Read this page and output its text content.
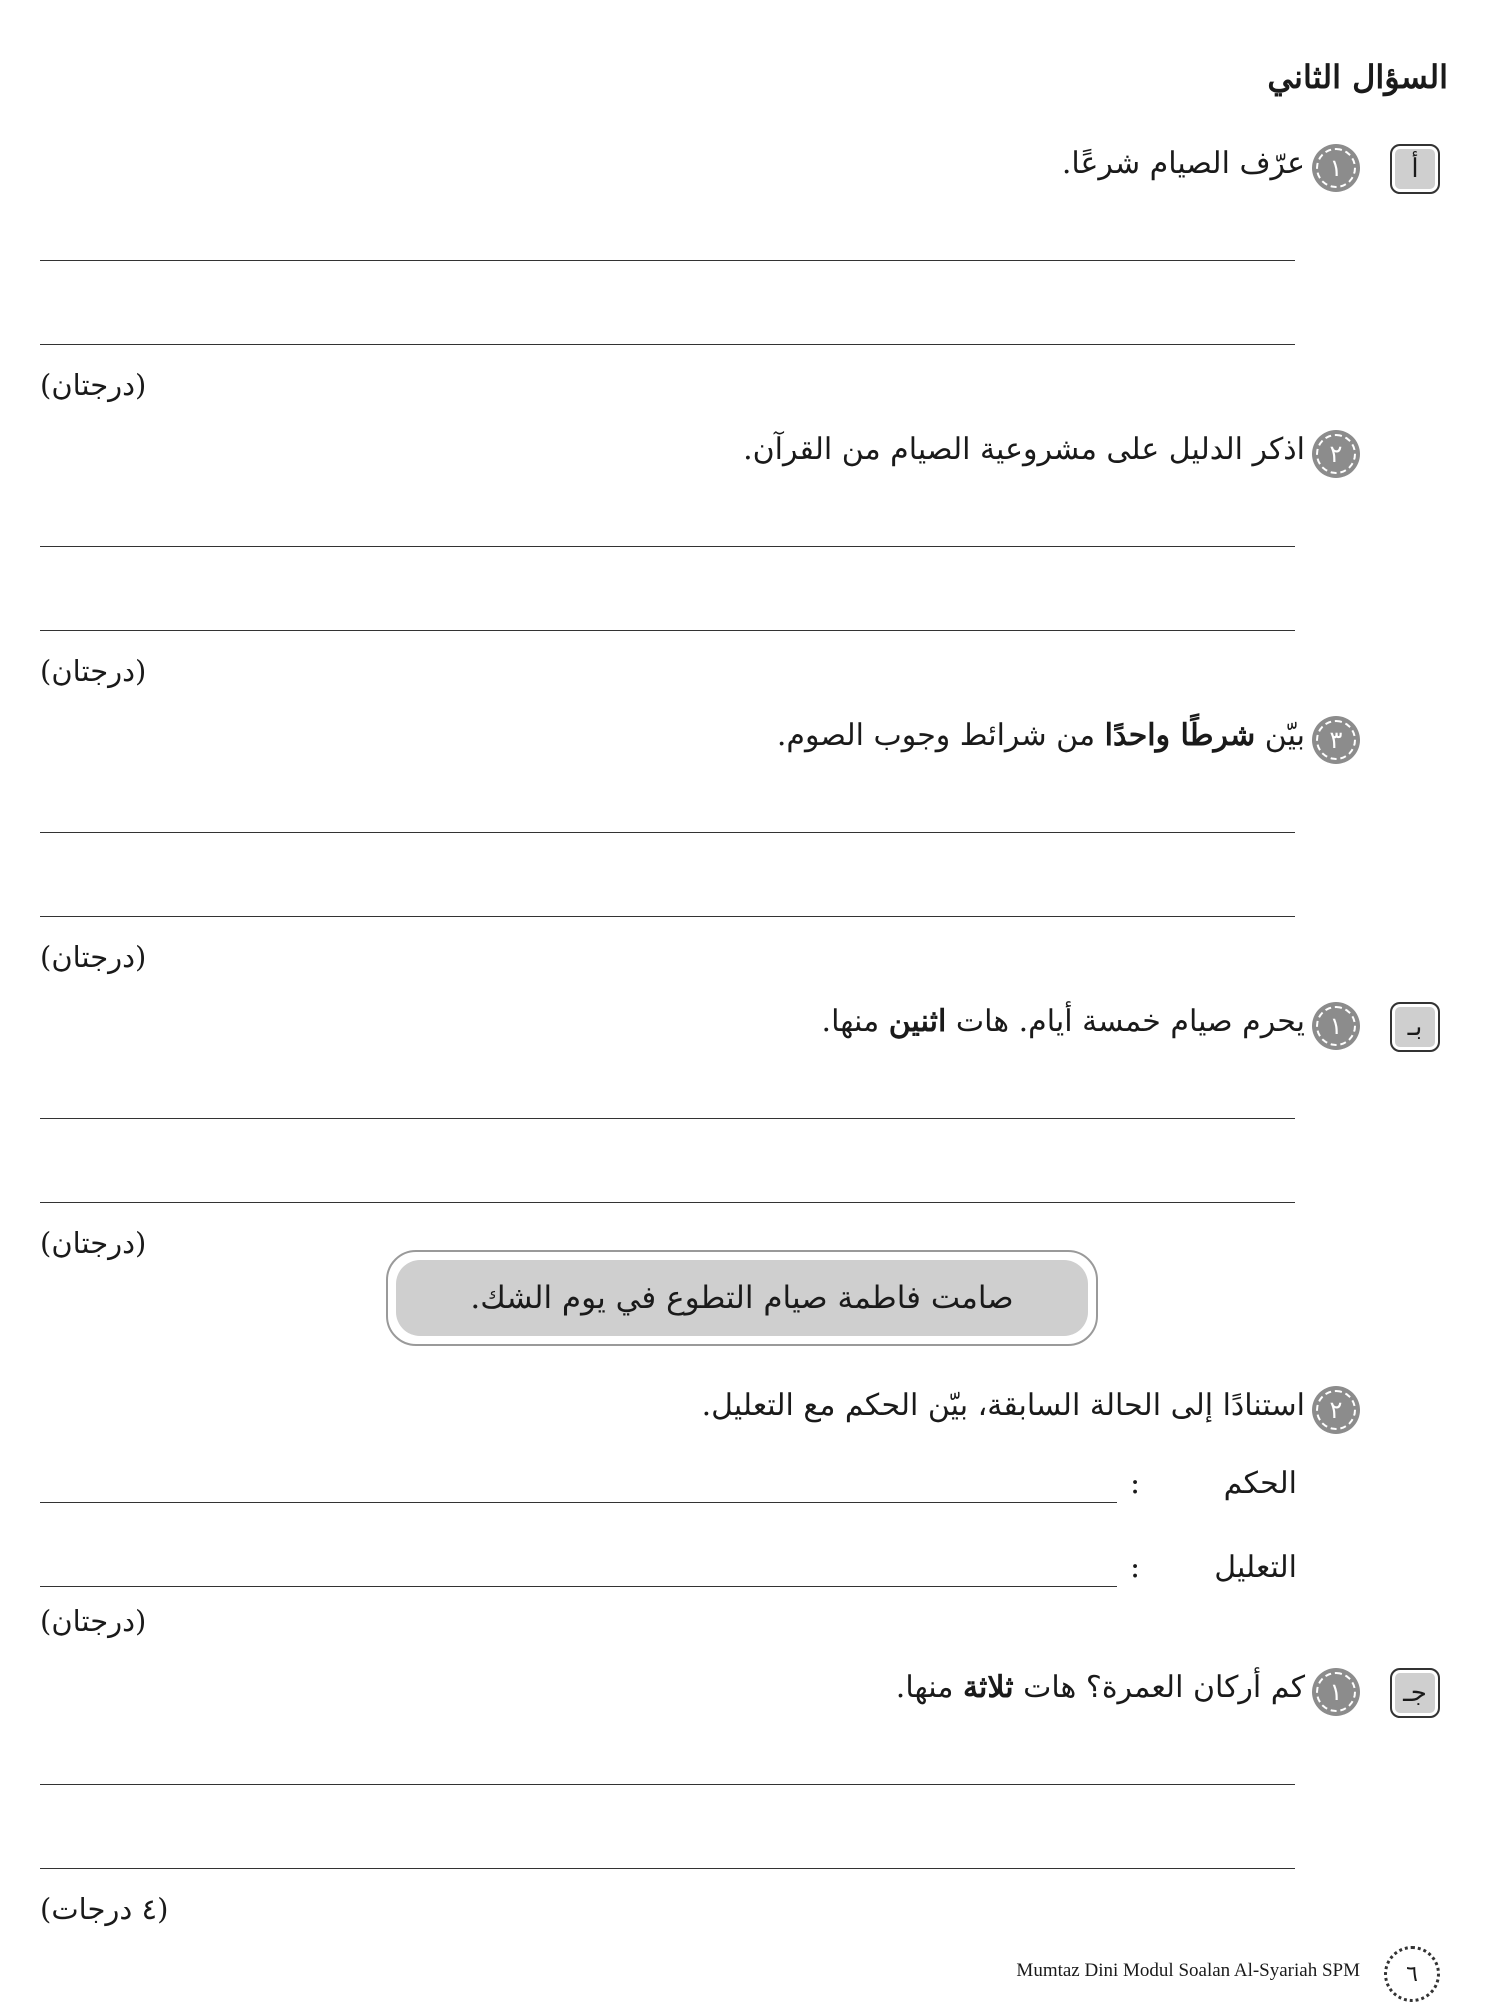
السؤال الثاني
أ
١
عرّف الصيام شرعًا.
(درجتان)
٢
اذكر الدليل على مشروعية الصيام من القرآن.
(درجتان)
٣
بيّن شرطًا واحدًا من شرائط وجوب الصوم.
(درجتان)
بـ
١
يحرم صيام خمسة أيام. هات اثنين منها.
(درجتان)
صامت فاطمة صيام التطوع في يوم الشك.
٢
استنادًا إلى الحالة السابقة، بيّن الحكم مع التعليل.
الحكم
:
التعليل
:
(درجتان)
جـ
١
كم أركان العمرة؟ هات ثلاثة منها.
(٤ درجات)
Mumtaz Dini Modul Soalan Al-Syariah SPM ٦
